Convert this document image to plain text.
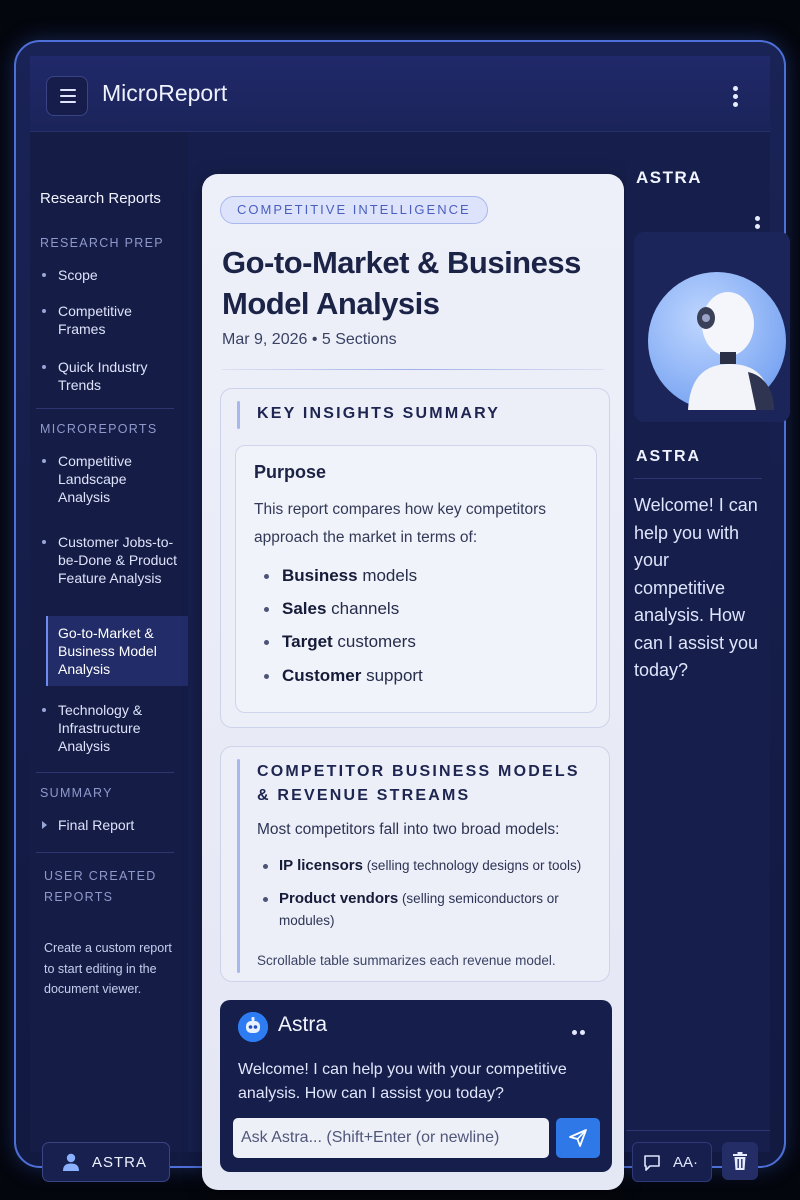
MicroReport
Research Reports
RESEARCH PREP
Scope
Competitive Frames
Quick Industry Trends
MICROREPORTS
Competitive Landscape Analysis
Customer Jobs-to-be-Done & Product Feature Analysis
Go-to-Market & Business Model Analysis
Technology & Infrastructure Analysis
SUMMARY
Final Report
USER CREATED REPORTS
Create a custom report to start editing in the document viewer.
ASTRA
COMPETITIVE INTELLIGENCE
Go-to-Market & Business Model Analysis
Mar 9, 2026 • 5 Sections
KEY INSIGHTS SUMMARY
Purpose
This report compares how key competitors approach the market in terms of:
Business models
Sales channels
Target customers
Customer support
COMPETITOR BUSINESS MODELS
& REVENUE STREAMS
Most competitors fall into two broad models:
IP licensors (selling technology designs or tools)
Product vendors (selling semiconductors or modules)
Scrollable table summarizes each revenue model.
Astra
Welcome! I can help you with your competitive analysis. How can I assist you today?
Ask Astra... (Shift+Enter (or newline)
ASTRA
ASTRA
Welcome! I can help you with your competitive analysis. How can I assist you today?
AA·
